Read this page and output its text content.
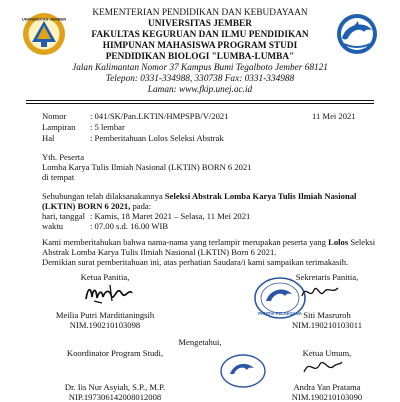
KEMENTERIAN PENDIDIKAN DAN KEBUDAYAAN
UNIVERSITAS JEMBER
FAKULTAS KEGURUAN DAN ILMU PENDIDIKAN
HIMPUNAN MAHASISWA PROGRAM STUDI
PENDIDIKAN BIOLOGI "LUMBA-LUMBA"
Jalan Kalimantan Nomor 37 Kampus Bumi Tegalboto Jember 68121
Telepon: 0331-334988, 330738 Fax: 0331-334988
Laman: www.fkip.unej.ac.id
UNIVERSITAS JEMBER
Nomor	: 041/SK/Pan.LKTIN/HMPSPB/V/2021	11 Mei 2021
Lampiran : 5 lembar
Hal	: Pemberitahuan Lolos Seleksi Abstrak
Yth. Peserta
Lomba Karya Tulis Ilmiah Nasional (LKTIN) BORN 6 2021
di tempat
Sehubungan telah dilaksanakannya Seleksi Abstrak Lomba Karya Tulis Ilmiah Nasional
(LKTIN) BORN 6 2021, pada:
hari, tanggal : Kamis, 18 Maret 2021 – Selasa, 11 Mei 2021
waktu	: 07.00 s.d. 16.00 WIB
Kami memberitahukan bahwa nama-nama yang terlampir merupakan peserta yang Lolos Seleksi
Abstrak Lomba Karya Tulis Ilmiah Nasional (LKTIN) Born 6 2021.
Demikian surat pemberitahuan ini, atas perhatian Saudara/i kami sampaikan terimakasih.
Ketua Panitia,
Meilia Putri Marditianingsih
NIM.190210103098
Sekretaris Panitia,
PANITIA PELAKSANA Siti Masruroh
NIM.190210103011
Mengetahui,
Koordinator Program Studi,
Dr. Iis Nur Asyiah, S.P., M.P.
NIP.197306142008012008
Ketua Umum,
Andra Yan Pratama
NIM.190210103090
